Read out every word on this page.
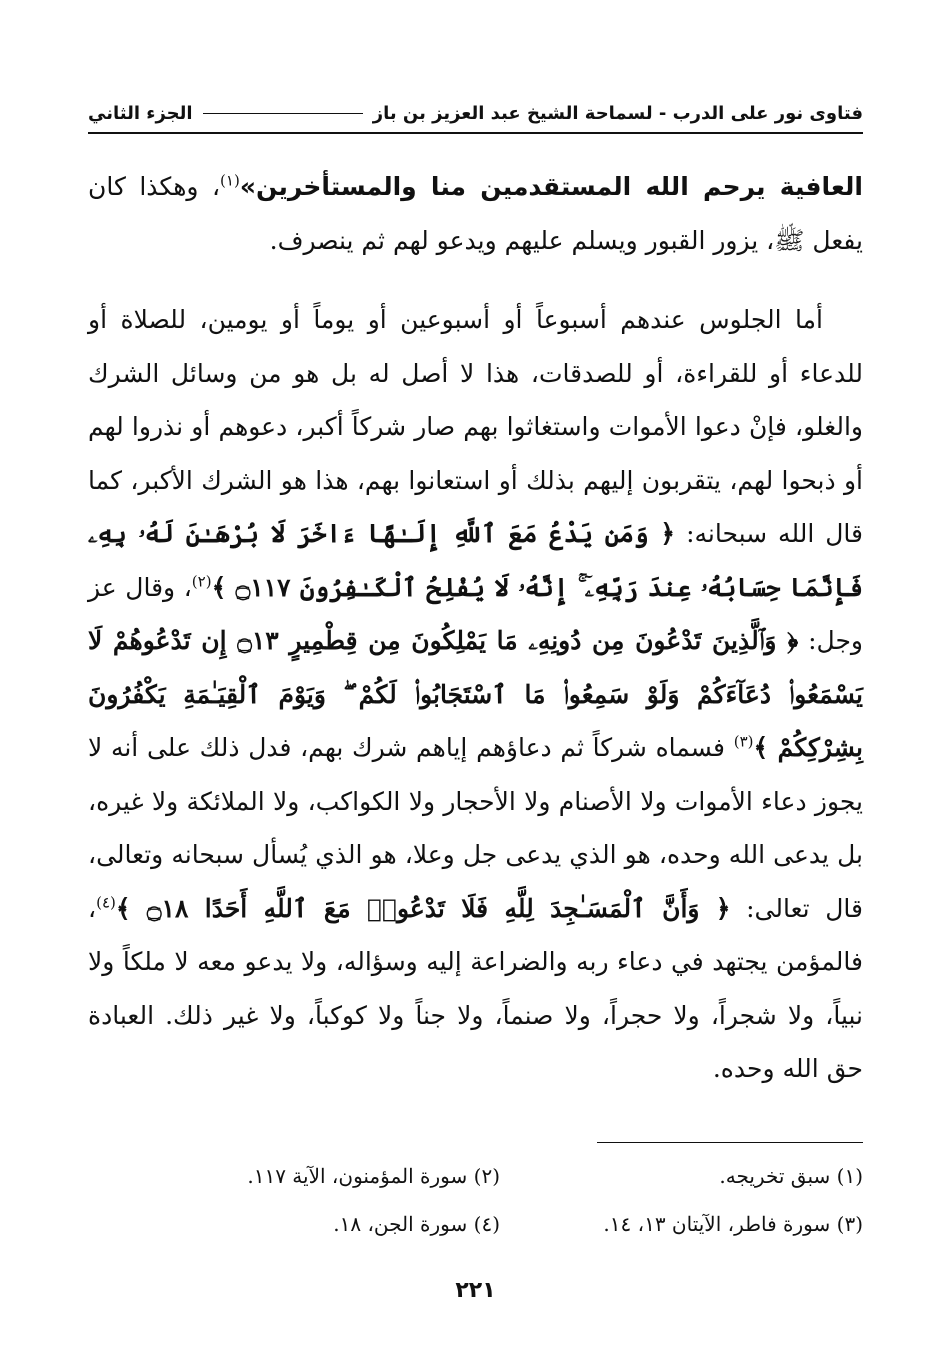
فتاوى نور على الدرب - لسماحة الشيخ عبد العزيز بن باز
الجزء الثاني

العافية يرحم الله المستقدمين منا والمستأخرين»$^{(١)}$، وهكذا كان يفعل ﷺ، يزور القبور ويسلم عليهم ويدعو لهم ثم ينصرف.

أما الجلوس عندهم أسبوعاً أو أسبوعين أو يوماً أو يومين، للصلاة أو للدعاء أو للقراءة، أو للصدقات، هذا لا أصل له بل هو من وسائل الشرك والغلو، فإنْ دعوا الأموات واستغاثوا بهم صار شركاً أكبر، دعوهم أو نذروا لهم أو ذبحوا لهم، يتقربون إليهم بذلك أو استعانوا بهم، هذا هو الشرك الأكبر، كما قال الله سبحانه: ﴿ وَمَن يَدْعُ مَعَ ٱللَّهِ إِلَـٰهًا ءَاخَرَ لَا بُرْهَـٰنَ لَهُۥ بِهِۦ فَإِنَّمَا حِسَابُهُۥ عِندَ رَبِّهِۦٓ ۚ إِنَّهُۥ لَا يُفْلِحُ ٱلْكَـٰفِرُونَ ۝١١٧ ﴾$^{(٢)}$، وقال عز وجل: ﴿ وَٱلَّذِينَ تَدْعُونَ مِن دُونِهِۦ مَا يَمْلِكُونَ مِن قِطْمِيرٍ ۝١٣ إِن تَدْعُوهُمْ لَا يَسْمَعُوا۟ دُعَآءَكُمْ وَلَوْ سَمِعُوا۟ مَا ٱسْتَجَابُوا۟ لَكُمْ ۖ وَيَوْمَ ٱلْقِيَـٰمَةِ يَكْفُرُونَ بِشِرْكِكُمْ ﴾$^{(٣)}$ فسماه شركاً ثم دعاؤهم إياهم شرك بهم، فدل ذلك على أنه لا يجوز دعاء الأموات ولا الأصنام ولا الأحجار ولا الكواكب، ولا الملائكة ولا غيره، بل يدعى الله وحده، هو الذي يدعى جل وعلا، هو الذي يُسأل سبحانه وتعالى، قال تعالى: ﴿ وَأَنَّ ٱلْمَسَـٰجِدَ لِلَّهِ فَلَا تَدْعُوا۟ مَعَ ٱللَّهِ أَحَدًا ۝١٨ ﴾$^{(٤)}$، فالمؤمن يجتهد في دعاء ربه والضراعة إليه وسؤاله، ولا يدعو معه لا ملكاً ولا نبياً، ولا شجراً، ولا حجراً، ولا صنماً، ولا جناً ولا كوكباً، ولا غير ذلك. العبادة حق الله وحده.

(١) سبق تخريجه.
(٢) سورة المؤمنون، الآية ١١٧.
(٣) سورة فاطر، الآيتان ١٣، ١٤.
(٤) سورة الجن، ١٨.
٢٢١
